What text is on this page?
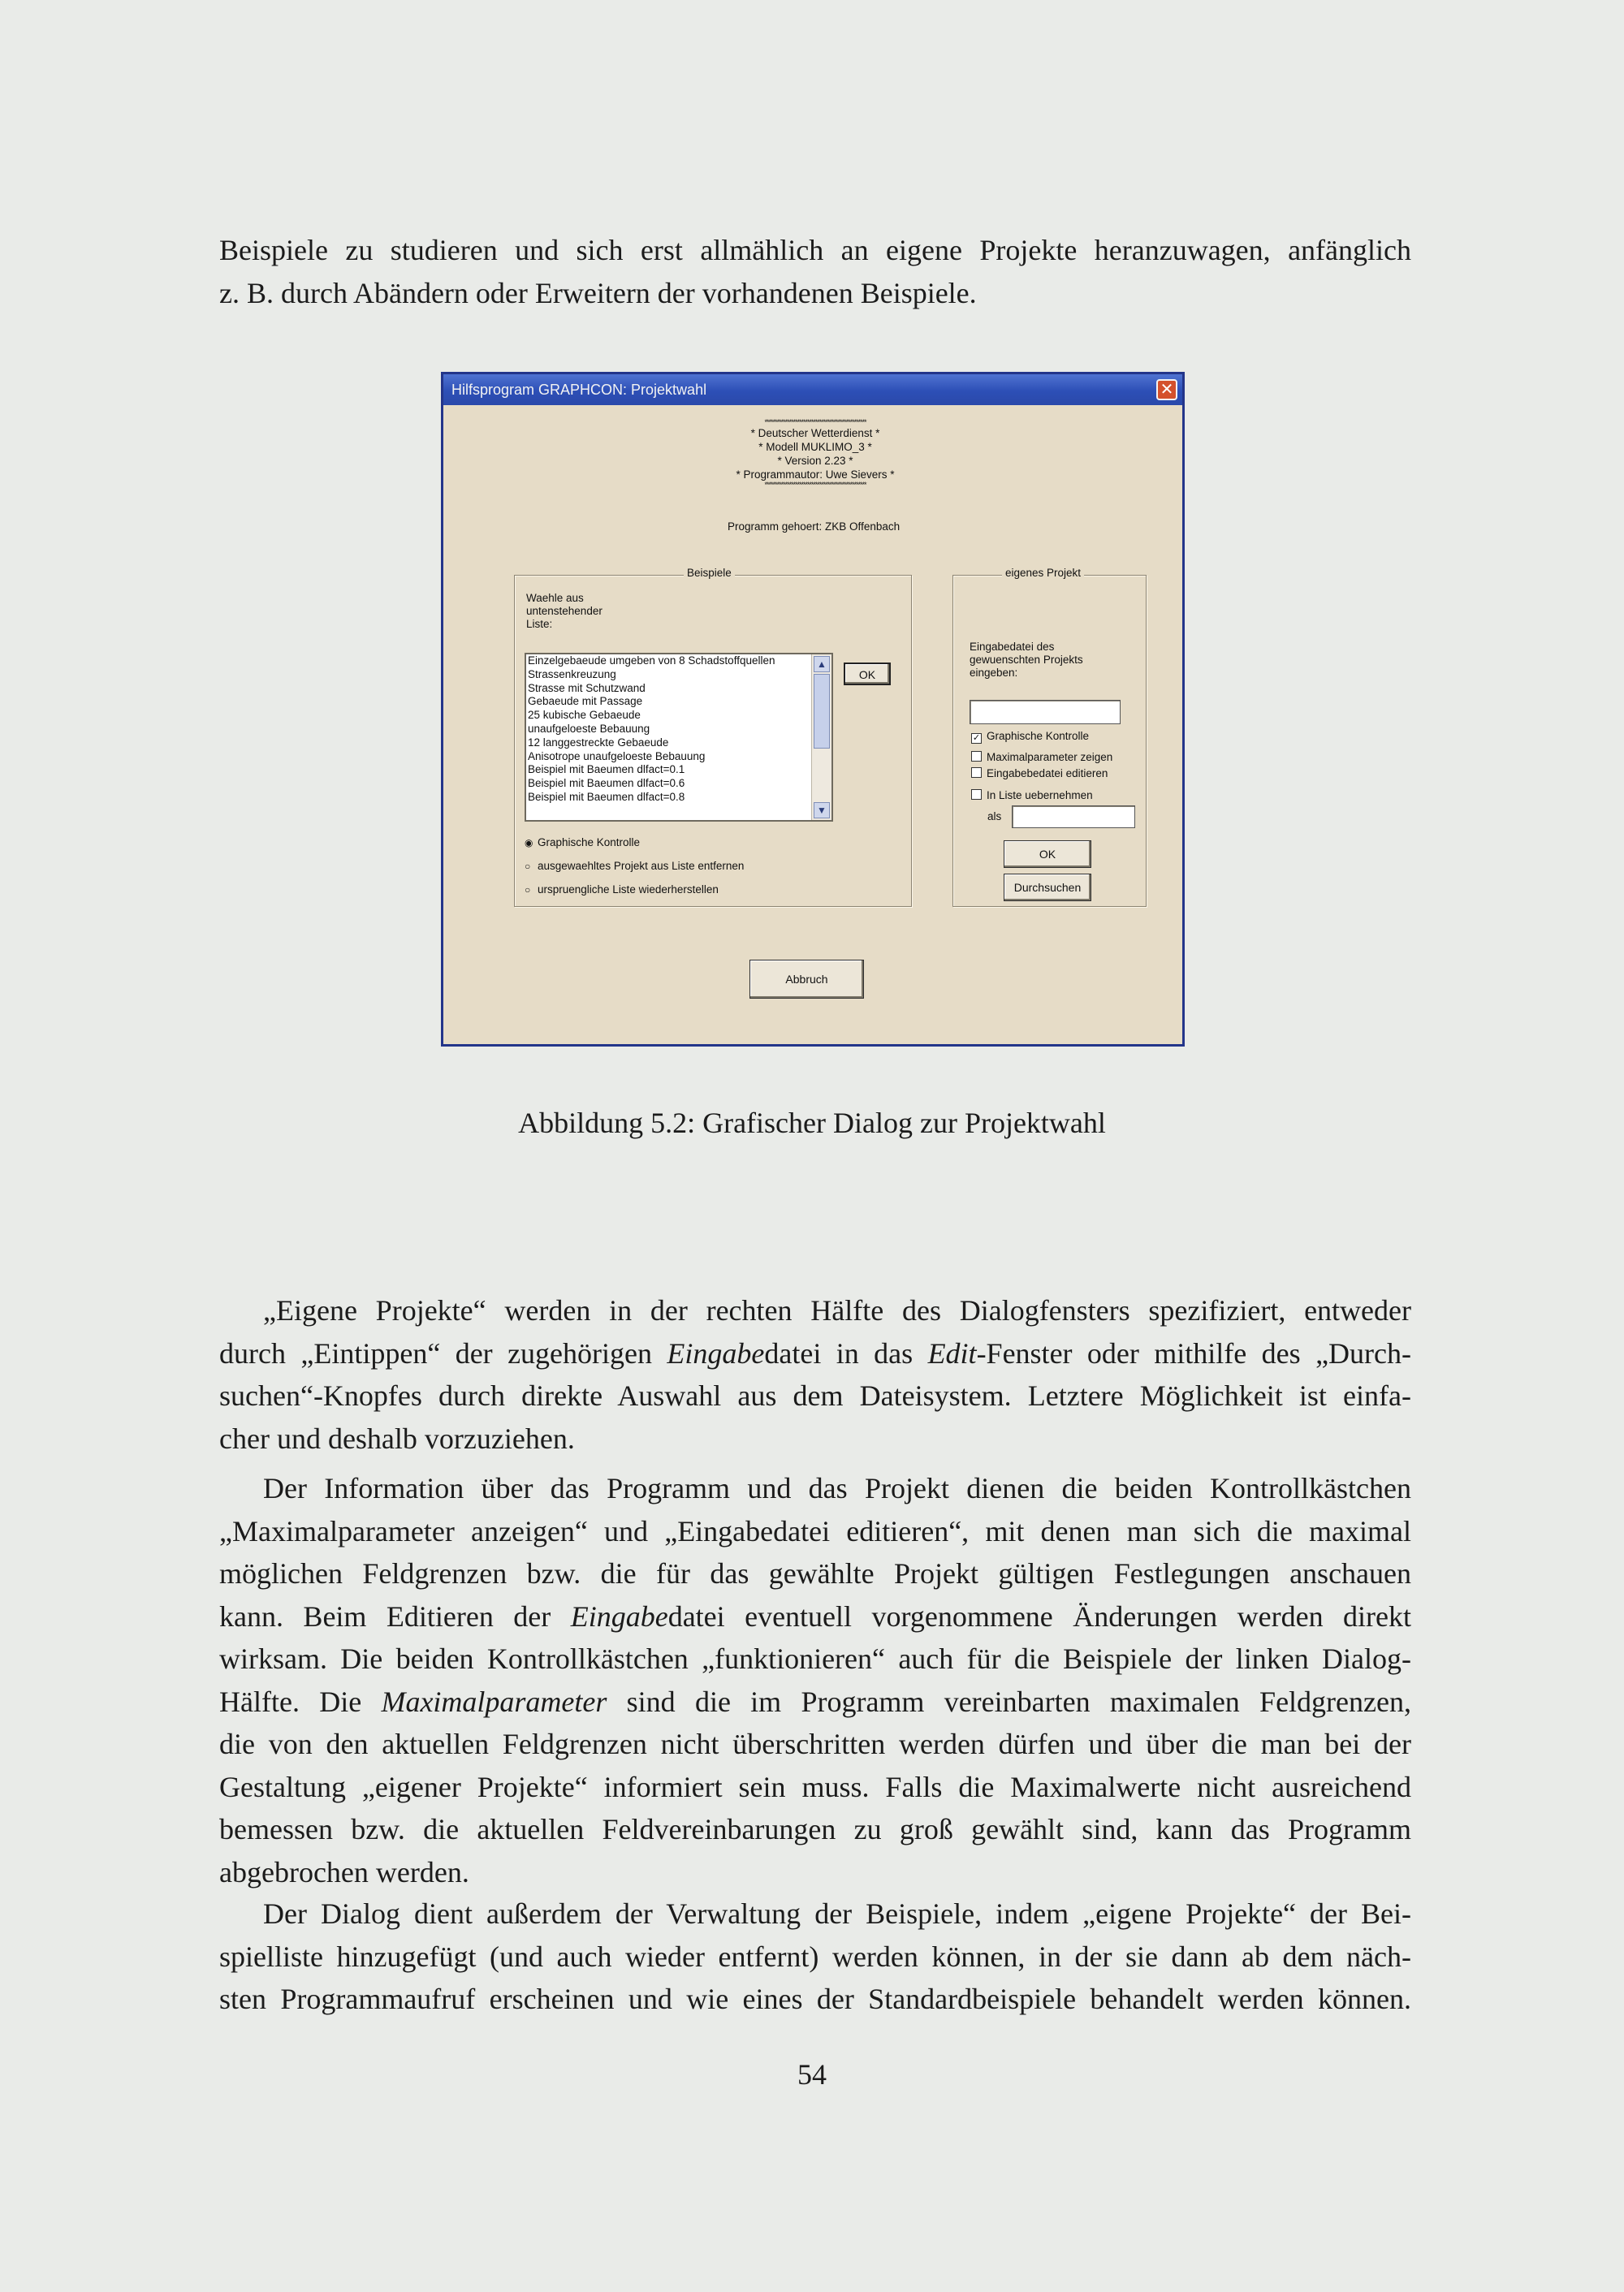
Beispiele zu studieren und sich erst allmählich an eigene Projekte heranzuwagen, anfänglich
z. B. durch Abändern oder Erweitern der vorhandenen Beispiele.
Hilfsprogram GRAPHCON: Projektwahl	✕
**************************************************
* Deutscher Wetterdienst *
* Modell MUKLIMO_3 *
* Version 2.23 *
* Programmautor: Uwe Sievers *
**************************************************
Programm gehoert: ZKB Offenbach
Beispiele
Waehle aus
untenstehender
Liste:
Einzelgebaeude umgeben von 8 Schadstoffquellen
Strassenkreuzung
Strasse mit Schutzwand
Gebaeude mit Passage
25 kubische Gebaeude
unaufgeloeste Bebauung
12 langgestreckte Gebaeude
Anisotrope unaufgeloeste Bebauung
Beispiel mit Baeumen dlfact=0.1
Beispiel mit Baeumen dlfact=0.6
Beispiel mit Baeumen dlfact=0.8
▲
▼
OK
◉ Graphische Kontrolle
○ ausgewaehltes Projekt aus Liste entfernen
○ urspruengliche Liste wiederherstellen
eigenes Projekt
Eingabedatei des
gewuenschten Projekts
eingeben:
✓ Graphische Kontrolle
Maximalparameter zeigen
Eingabebedatei editieren
In Liste uebernehmen
als
OK
Durchsuchen
Abbruch
Abbildung 5.2: Grafischer Dialog zur Projektwahl
„Eigene Projekte“ werden in der rechten Hälfte des Dialogfensters spezifiziert, entweder
durch „Eintippen“ der zugehörigen Eingabedatei in das Edit-Fenster oder mithilfe des „Durch-
suchen“-Knopfes durch direkte Auswahl aus dem Dateisystem. Letztere Möglichkeit ist einfa-
cher und deshalb vorzuziehen.
Der Information über das Programm und das Projekt dienen die beiden Kontrollkästchen
„Maximalparameter anzeigen“ und „Eingabedatei editieren“, mit denen man sich die maximal
möglichen Feldgrenzen bzw. die für das gewählte Projekt gültigen Festlegungen anschauen
kann. Beim Editieren der Eingabedatei eventuell vorgenommene Änderungen werden direkt
wirksam. Die beiden Kontrollkästchen „funktionieren“ auch für die Beispiele der linken Dialog-
Hälfte. Die Maximalparameter sind die im Programm vereinbarten maximalen Feldgrenzen,
die von den aktuellen Feldgrenzen nicht überschritten werden dürfen und über die man bei der
Gestaltung „eigener Projekte“ informiert sein muss. Falls die Maximalwerte nicht ausreichend
bemessen bzw. die aktuellen Feldvereinbarungen zu groß gewählt sind, kann das Programm
abgebrochen werden.
Der Dialog dient außerdem der Verwaltung der Beispiele, indem „eigene Projekte“ der Bei-
spielliste hinzugefügt (und auch wieder entfernt) werden können, in der sie dann ab dem näch-
sten Programmaufruf erscheinen und wie eines der Standardbeispiele behandelt werden können.
54
